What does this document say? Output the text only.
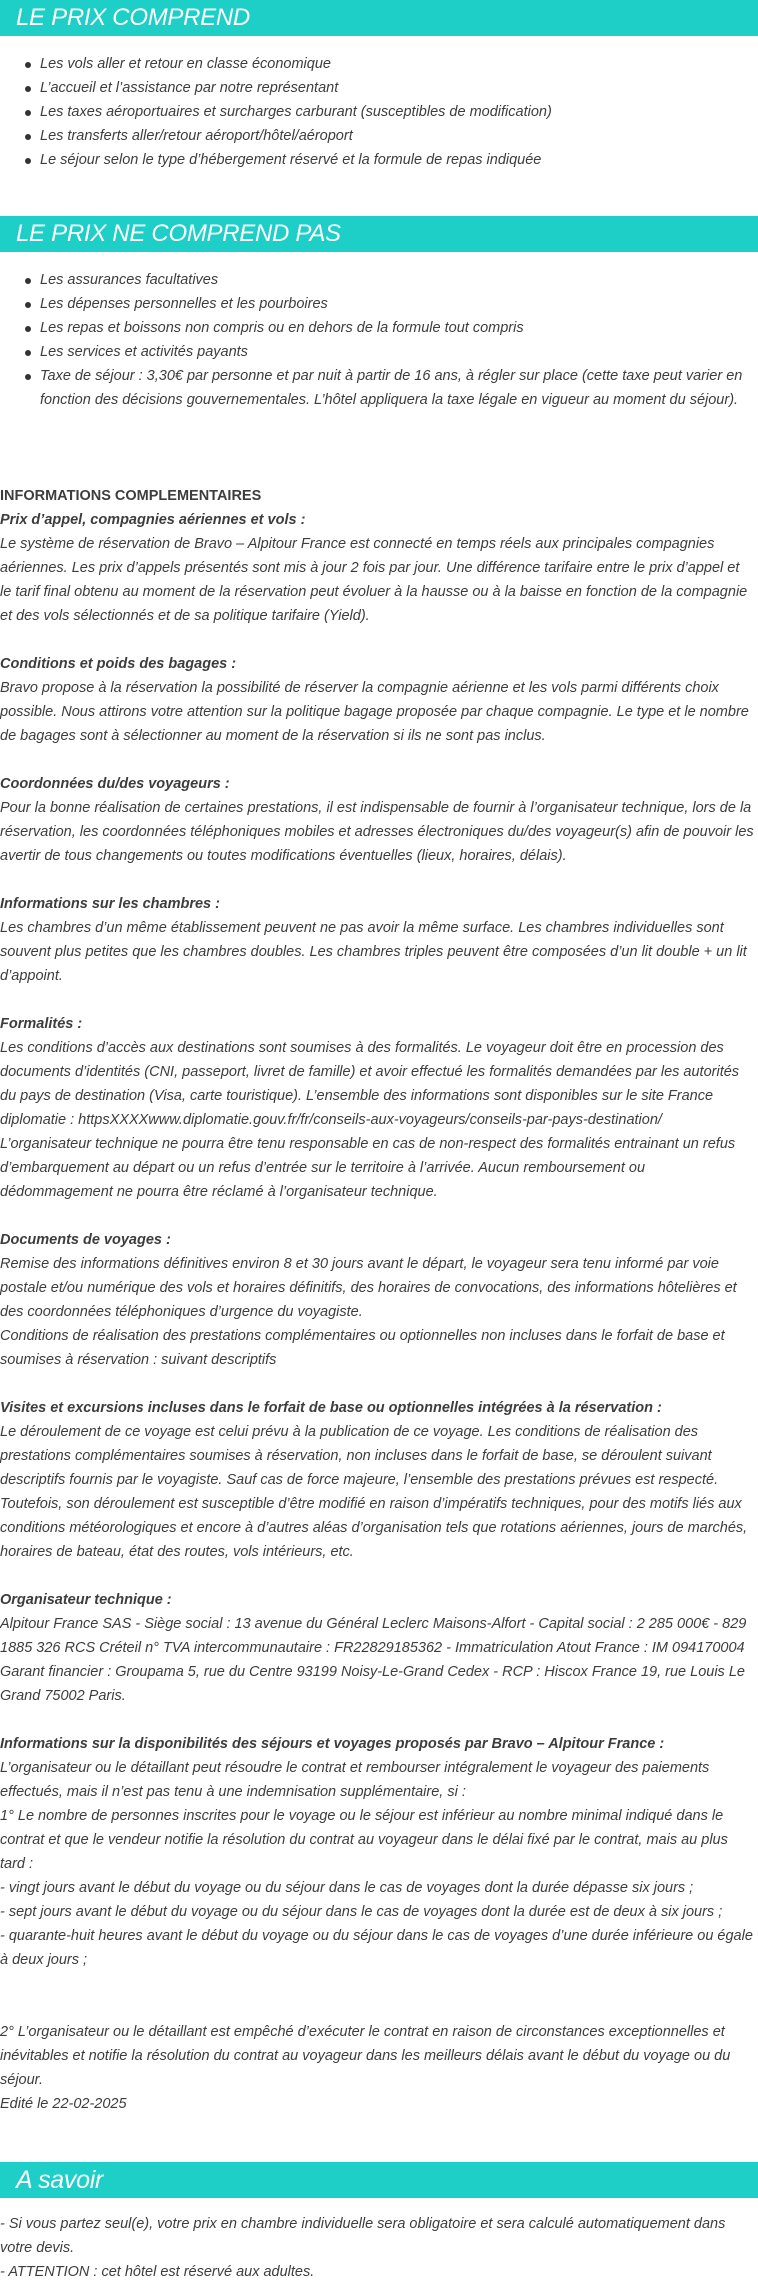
LE PRIX COMPREND
Les vols aller et retour en classe économique
L’accueil et l’assistance par notre représentant
Les taxes aéroportuaires et surcharges carburant (susceptibles de modification)
Les transferts aller/retour aéroport/hôtel/aéroport
Le séjour selon le type d’hébergement réservé et la formule de repas indiquée
LE PRIX NE COMPREND PAS
Les assurances facultatives
Les dépenses personnelles et les pourboires
Les repas et boissons non compris ou en dehors de la formule tout compris
Les services et activités payants
Taxe de séjour : 3,30€ par personne et par nuit à partir de 16 ans, à régler sur place (cette taxe peut varier en fonction des décisions gouvernementales. L’hôtel appliquera la taxe légale en vigueur au moment du séjour).

INFORMATIONS COMPLEMENTAIRES

Prix d’appel, compagnies aériennes et vols :

Le système de réservation de Bravo – Alpitour France est connecté en temps réels aux principales compagnies aériennes. Les prix d’appels présentés sont mis à jour 2 fois par jour. Une différence tarifaire entre le prix d’appel et le tarif final obtenu au moment de la réservation peut évoluer à la hausse ou à la baisse en fonction de la compagnie et des vols sélectionnés et de sa politique tarifaire (Yield).

Conditions et poids des bagages :

Bravo propose à la réservation la possibilité de réserver la compagnie aérienne et les vols parmi différents choix possible. Nous attirons votre attention sur la politique bagage proposée par chaque compagnie. Le type et le nombre de bagages sont à sélectionner au moment de la réservation si ils ne sont pas inclus.

Coordonnées du/des voyageurs :

Pour la bonne réalisation de certaines prestations, il est indispensable de fournir à l’organisateur technique, lors de la réservation, les coordonnées téléphoniques mobiles et adresses électroniques du/des voyageur(s) afin de pouvoir les avertir de tous changements ou toutes modifications éventuelles (lieux, horaires, délais).

Informations sur les chambres :

Les chambres d’un même établissement peuvent ne pas avoir la même surface. Les chambres individuelles sont souvent plus petites que les chambres doubles. Les chambres triples peuvent être composées d’un lit double + un lit d’appoint.

Formalités :

Les conditions d’accès aux destinations sont soumises à des formalités. Le voyageur doit être en procession des documents d’identités (CNI, passeport, livret de famille) et avoir effectué les formalités demandées par les autorités du pays de destination (Visa, carte touristique). L’ensemble des informations sont disponibles sur le site France diplomatie : httpsXXXXwww.diplomatie.gouv.fr/fr/conseils-aux-voyageurs/conseils-par-pays-destination/

L’organisateur technique ne pourra être tenu responsable en cas de non-respect des formalités entrainant un refus d’embarquement au départ ou un refus d’entrée sur le territoire à l’arrivée. Aucun remboursement ou dédommagement ne pourra être réclamé à l’organisateur technique.

Documents de voyages :

Remise des informations définitives environ 8 et 30 jours avant le départ, le voyageur sera tenu informé par voie postale et/ou numérique des vols et horaires définitifs, des horaires de convocations, des informations hôtelières et des coordonnées téléphoniques d’urgence du voyagiste.

Conditions de réalisation des prestations complémentaires ou optionnelles non incluses dans le forfait de base et soumises à réservation : suivant descriptifs

Visites et excursions incluses dans le forfait de base ou optionnelles intégrées à la réservation :

Le déroulement de ce voyage est celui prévu à la publication de ce voyage. Les conditions de réalisation des prestations complémentaires soumises à réservation, non incluses dans le forfait de base, se déroulent suivant descriptifs fournis par le voyagiste. Sauf cas de force majeure, l’ensemble des prestations prévues est respecté. Toutefois, son déroulement est susceptible d’être modifié en raison d’impératifs techniques, pour des motifs liés aux conditions météorologiques et encore à d’autres aléas d’organisation tels que rotations aériennes, jours de marchés, horaires de bateau, état des routes, vols intérieurs, etc.

Organisateur technique :

Alpitour France SAS - Siège social : 13 avenue du Général Leclerc Maisons-Alfort - Capital social : 2 285 000€ - 829 1885 326 RCS Créteil n° TVA intercommunautaire : FR22829185362 - Immatriculation Atout France : IM 094170004 Garant financier : Groupama 5, rue du Centre 93199 Noisy-Le-Grand Cedex - RCP : Hiscox France 19, rue Louis Le Grand 75002 Paris.

Informations sur la disponibilités des séjours et voyages proposés par Bravo – Alpitour France :

L’organisateur ou le détaillant peut résoudre le contrat et rembourser intégralement le voyageur des paiements effectués, mais il n’est pas tenu à une indemnisation supplémentaire, si :

1° Le nombre de personnes inscrites pour le voyage ou le séjour est inférieur au nombre minimal indiqué dans le contrat et que le vendeur notifie la résolution du contrat au voyageur dans le délai fixé par le contrat, mais au plus tard :

- vingt jours avant le début du voyage ou du séjour dans le cas de voyages dont la durée dépasse six jours ;

- sept jours avant le début du voyage ou du séjour dans le cas de voyages dont la durée est de deux à six jours ;

- quarante-huit heures avant le début du voyage ou du séjour dans le cas de voyages d’une durée inférieure ou égale à deux jours ;

2° L’organisateur ou le détaillant est empêché d’exécuter le contrat en raison de circonstances exceptionnelles et inévitables et notifie la résolution du contrat au voyageur dans les meilleurs délais avant le début du voyage ou du séjour.

Edité le 22-02-2025

A savoir

- Si vous partez seul(e), votre prix en chambre individuelle sera obligatoire et sera calculé automatiquement dans votre devis.

- ATTENTION : cet hôtel est réservé aux adultes.
